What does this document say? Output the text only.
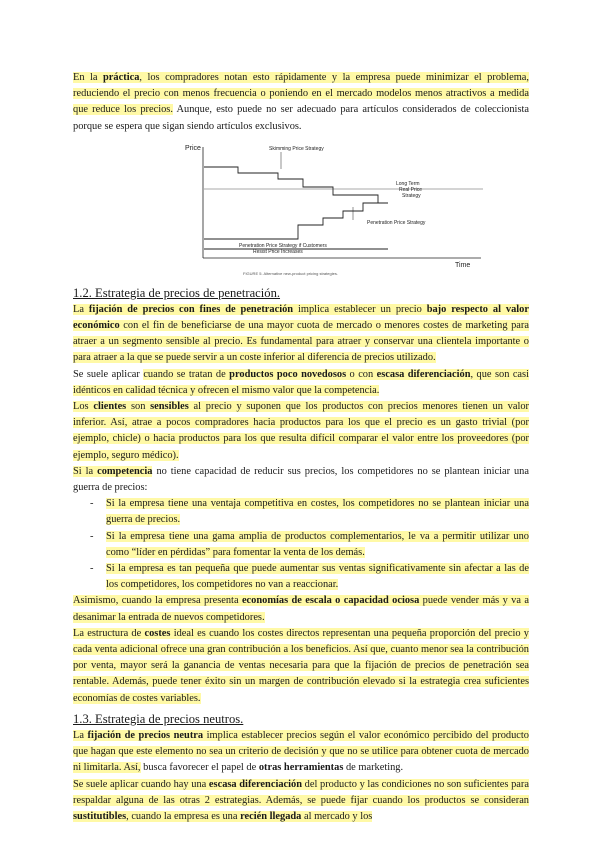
En la práctica, los compradores notan esto rápidamente y la empresa puede minimizar el problema, reduciendo el precio con menos frecuencia o poniendo en el mercado modelos menos atractivos a medida que reduce los precios. Aunque, esto puede no ser adecuado para artículos considerados de coleccionista porque se espera que sigan siendo artículos exclusivos.

Price
Time
Skimming Price Strategy
Long Term
Real Price
Strategy
Penetration Price Strategy
Penetration Price Strategy if Customers
Resist Price Increases
FIGURE 5. Alternative new-product pricing strategies.

1.2. Estrategia de precios de penetración.

La fijación de precios con fines de penetración implica establecer un precio bajo respecto al valor económico con el fin de beneficiarse de una mayor cuota de mercado o menores costes de marketing para atraer a un segmento sensible al precio. Es fundamental para atraer y conservar una clientela importante o para atraer a la que se puede servir a un coste inferior al diferencia de precios utilizado.

Se suele aplicar cuando se tratan de productos poco novedosos o con escasa diferenciación, que son casi idénticos en calidad técnica y ofrecen el mismo valor que la competencia.

Los clientes son sensibles al precio y suponen que los productos con precios menores tienen un valor inferior. Así, atrae a pocos compradores hacia productos para los que el precio es un gasto trivial (por ejemplo, chicle) o hacia productos para los que resulta difícil comparar el valor entre los proveedores (por ejemplo, seguro médico).

Si la competencia no tiene capacidad de reducir sus precios, los competidores no se plantean iniciar una guerra de precios:

- Si la empresa tiene una ventaja competitiva en costes, los competidores no se plantean iniciar una guerra de precios.
- Si la empresa tiene una gama amplia de productos complementarios, le va a permitir utilizar uno como “líder en pérdidas” para fomentar la venta de los demás.
- Si la empresa es tan pequeña que puede aumentar sus ventas significativamente sin afectar a las de los competidores, los competidores no van a reaccionar.

Asimismo, cuando la empresa presenta economías de escala o capacidad ociosa puede vender más y va a desanimar la entrada de nuevos competidores.

La estructura de costes ideal es cuando los costes directos representan una pequeña proporción del precio y cada venta adicional ofrece una gran contribución a los beneficios. Así que, cuanto menor sea la contribución por venta, mayor será la ganancia de ventas necesaria para que la fijación de precios de penetración sea rentable. Además, puede tener éxito sin un margen de contribución elevado si la estrategia crea suficientes economías de costes variables.

1.3. Estrategia de precios neutros.

La fijación de precios neutra implica establecer precios según el valor económico percibido del producto que hagan que este elemento no sea un criterio de decisión y que no se utilice para obtener cuota de mercado ni limitarla. Así, busca favorecer el papel de otras herramientas de marketing.

Se suele aplicar cuando hay una escasa diferenciación del producto y las condiciones no son suficientes para respaldar alguna de las otras 2 estrategias. Además, se puede fijar cuando los productos se consideran sustitutibles, cuando la empresa es una recién llegada al mercado y los
